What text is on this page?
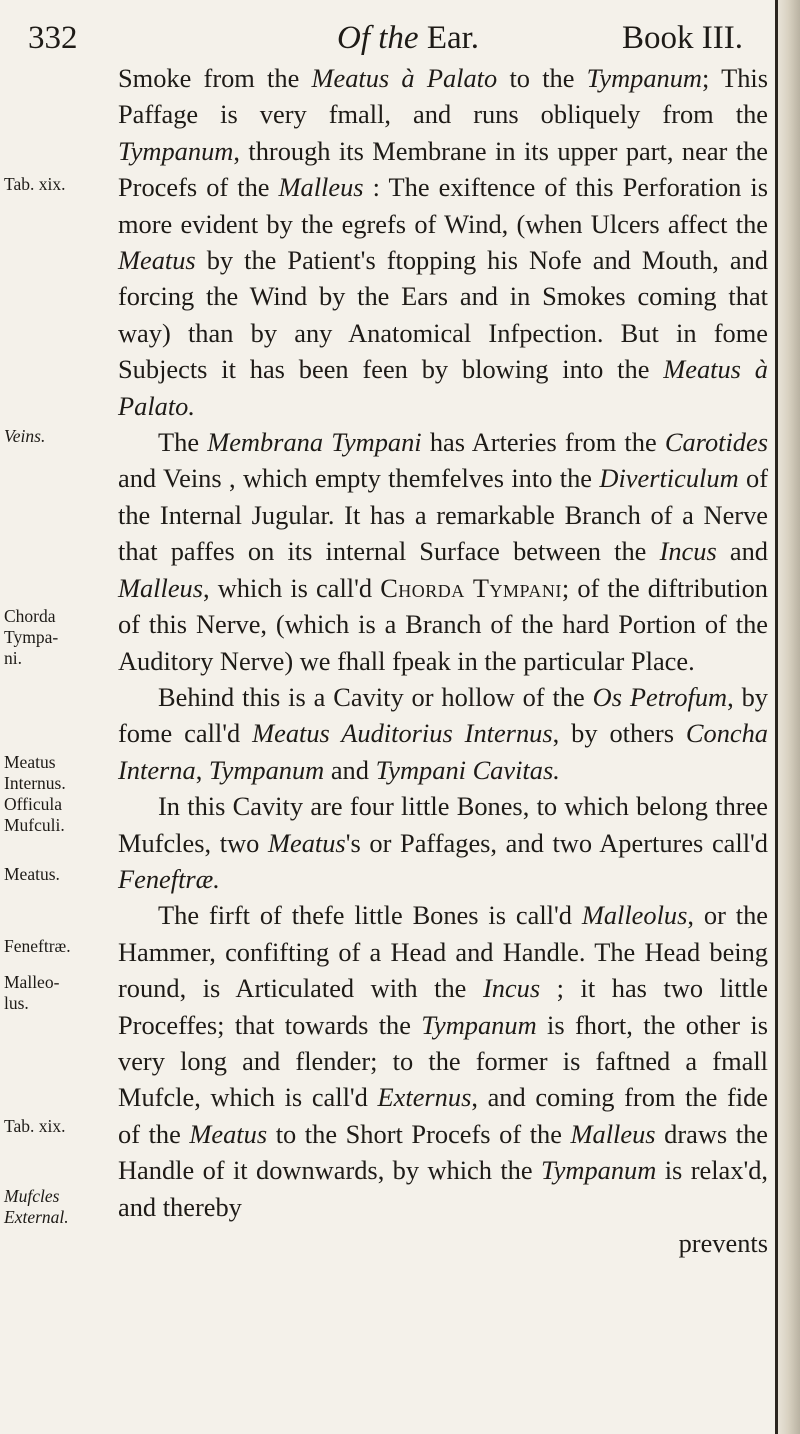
332	Of the Ear.	Book III.
Tab. xix.
Veins.
Chorda
Tympa-
ni.
Meatus
Internus.
Officula
Mufculi.
Meatus.
Feneftræ.
Malleo-
lus.
Tab. xix.
Mufcles
External.

Smoke from the Meatus à Palato to the Tympanum; This Paffage is very fmall, and runs obliquely from the Tympanum, through its Membrane in its upper part, near the Procefs of the Malleus : The exiftence of this Perforation is more evident by the egrefs of Wind, (when Ulcers affect the Meatus by the Patient's ftopping his Nofe and Mouth, and forcing the Wind by the Ears and in Smokes coming that way) than by any Anatomical Infpection. But in fome Subjects it has been feen by blowing into the Meatus à Palato.

The Membrana Tympani has Arteries from the Carotides and Veins , which empty themfelves into the Diverticulum of the Internal Jugular. It has a remarkable Branch of a Nerve that paffes on its internal Surface between the Incus and Malleus, which is call'd Chorda Tympani; of the diftribution of this Nerve, (which is a Branch of the hard Portion of the Auditory Nerve) we fhall fpeak in the particular Place.

Behind this is a Cavity or hollow of the Os Petrofum, by fome call'd Meatus Auditorius Internus, by others Concha Interna, Tympanum and Tympani Cavitas.

In this Cavity are four little Bones, to which belong three Mufcles, two Meatus's or Paffages, and two Apertures call'd Feneftræ.

The firft of thefe little Bones is call'd Malleolus, or the Hammer, confifting of a Head and Handle. The Head being round, is Articulated with the Incus ; it has two little Proceffes; that towards the Tympanum is fhort, the other is very long and flender; to the former is faftned a fmall Mufcle, which is call'd Externus, and coming from the fide of the Meatus to the Short Procefs of the Malleus draws the Handle of it downwards, by which the Tympanum is relax'd, and thereby

prevents
